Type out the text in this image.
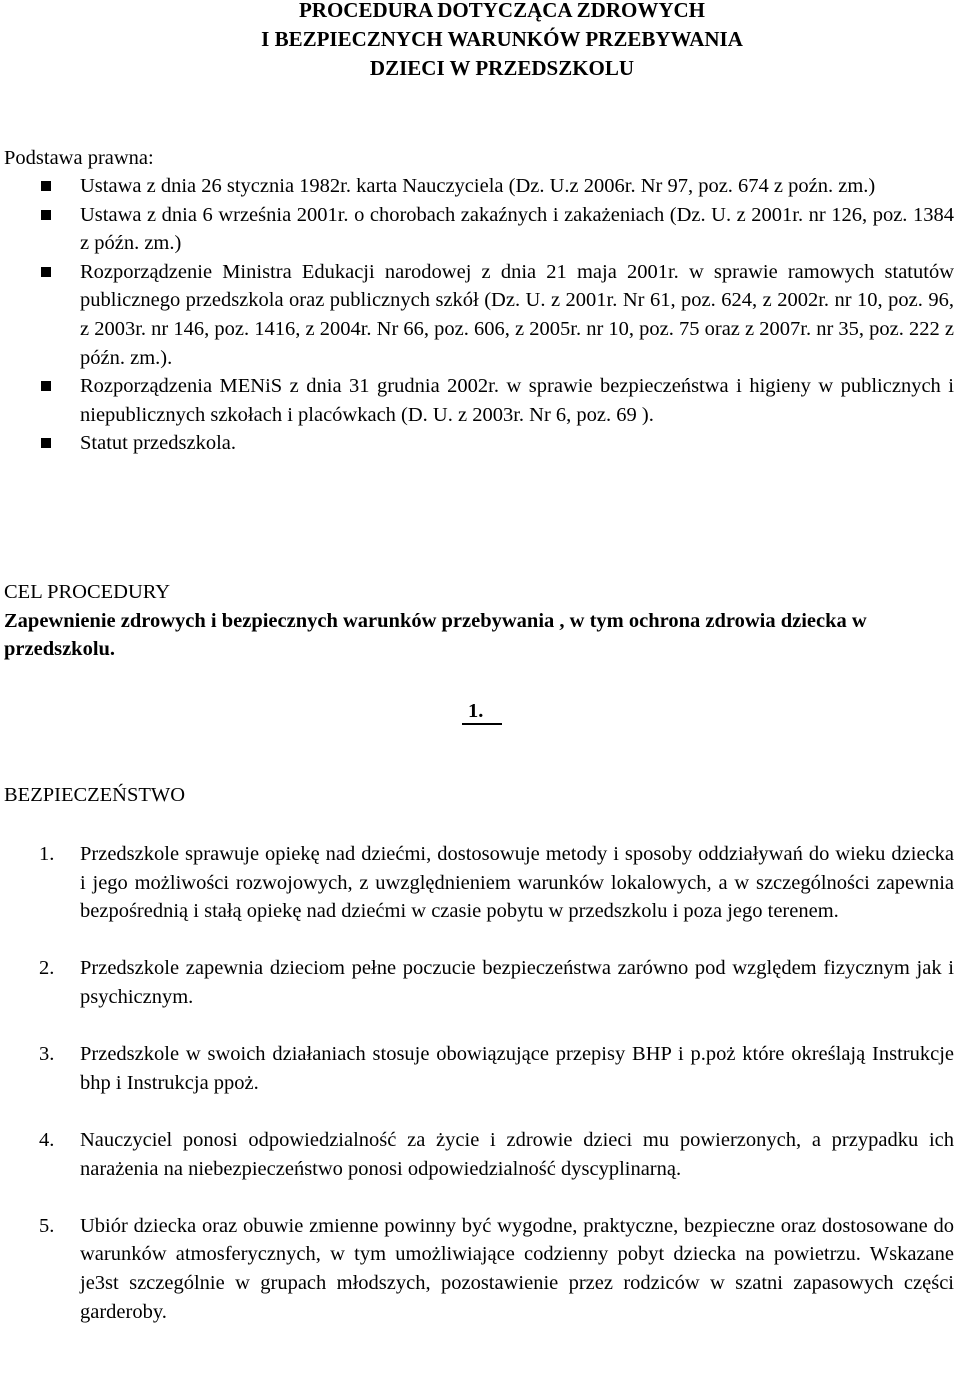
PROCEDURA DOTYCZĄCA ZDROWYCH
I BEZPIECZNYCH WARUNKÓW PRZEBYWANIA
DZIECI W PRZEDSZKOLU
Podstawa prawna:
Ustawa z dnia 26 stycznia 1982r. karta Nauczyciela (Dz. U.z 2006r. Nr 97, poz. 674 z poźn. zm.)
Ustawa z dnia 6 września 2001r. o chorobach zakaźnych i zakażeniach (Dz. U. z 2001r. nr 126, poz. 1384 z późn. zm.)
Rozporządzenie Ministra Edukacji narodowej z dnia 21 maja 2001r. w sprawie ramowych statutów publicznego przedszkola oraz publicznych szkół (Dz. U. z 2001r. Nr 61, poz. 624, z 2002r. nr 10, poz. 96, z 2003r. nr 146, poz. 1416, z 2004r. Nr 66, poz. 606, z 2005r. nr 10, poz. 75 oraz z 2007r. nr 35, poz. 222 z późn. zm.).
Rozporządzenia MENiS z dnia 31 grudnia 2002r. w sprawie bezpieczeństwa i higieny w publicznych i niepublicznych szkołach i placówkach (D. U. z 2003r. Nr 6, poz. 69 ).
Statut przedszkola.
CEL PROCEDURY
Zapewnienie zdrowych i bezpiecznych warunków przebywania , w tym ochrona zdrowia dziecka w przedszkolu.
1.
BEZPIECZEŃSTWO
1. Przedszkole sprawuje opiekę nad dziećmi, dostosowuje metody i sposoby oddziaływań do wieku dziecka i jego możliwości rozwojowych, z uwzględnieniem warunków lokalowych, a w szczególności zapewnia bezpośrednią i stałą opiekę nad dziećmi w czasie pobytu w przedszkolu i poza jego terenem.
2. Przedszkole zapewnia dzieciom pełne poczucie bezpieczeństwa zarówno pod względem fizycznym jak i psychicznym.
3. Przedszkole w swoich działaniach stosuje obowiązujące przepisy BHP i p.poż które określają Instrukcje bhp i Instrukcja ppoż.
4. Nauczyciel ponosi odpowiedzialność za życie i zdrowie dzieci mu powierzonych, a przypadku ich narażenia na niebezpieczeństwo ponosi odpowiedzialność dyscyplinarną.
5. Ubiór dziecka oraz obuwie zmienne powinny być wygodne, praktyczne, bezpieczne oraz dostosowane do warunków atmosferycznych, w tym umożliwiające codzienny pobyt dziecka na powietrzu. Wskazane je3st szczególnie w grupach młodszych, pozostawienie przez rodziców w szatni zapasowych części garderoby.
